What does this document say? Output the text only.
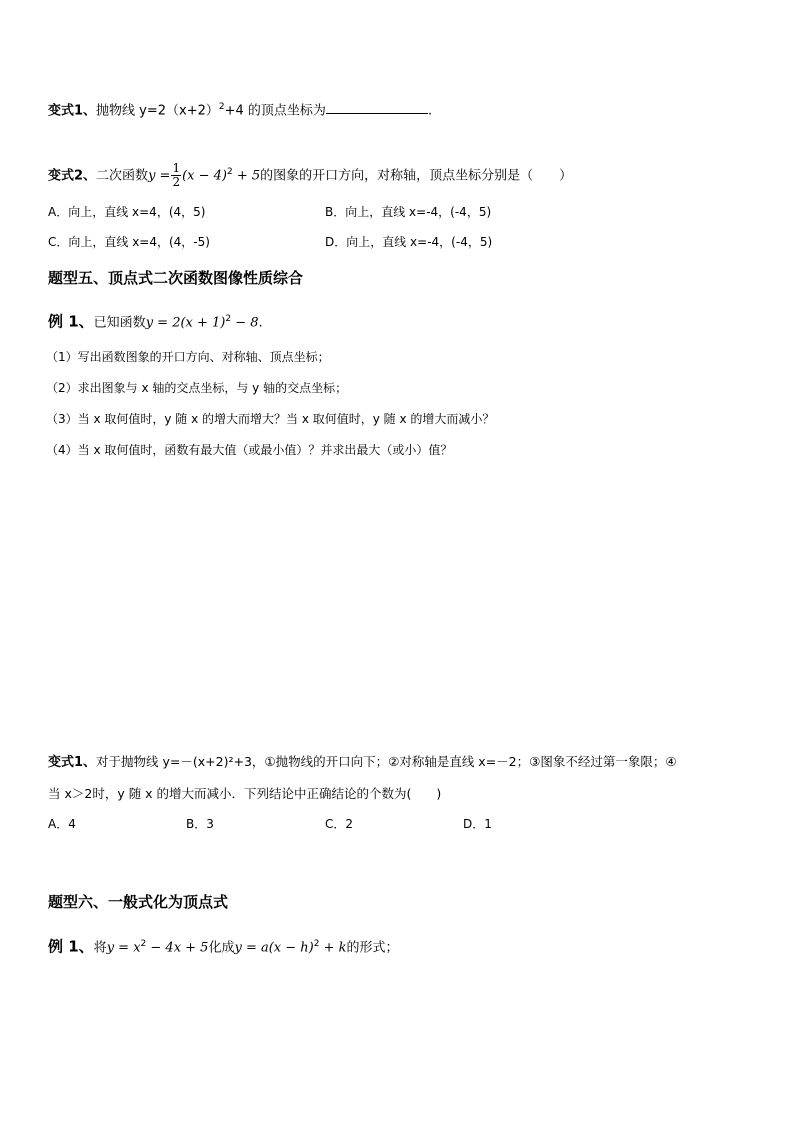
变式1、抛物线 $y=2(x+2)^2+4$ 的顶点坐标为	.
变式2、二次函数$y = \frac{1}{2} (x - 4)^2 + 5$的图象的开口方向，对称轴，顶点坐标分别是（　　）
A．向上，直线 x=4，(4，5)	B．向上，直线 x=-4，(-4，5)
C．向上，直线 x=4，(4，-5)	D．向上，直线 x=-4，(-4，5)
题型五、顶点式二次函数图像性质综合
例 1、已知函数$y = 2(x + 1)^2 - 8$.
（1）写出函数图象的开口方向、对称轴、顶点坐标；
（2）求出图象与 x 轴的交点坐标，与 y 轴的交点坐标；
（3）当 x 取何值时，y 随 x 的增大而增大？当 x 取何值时，y 随 x 的增大而减小？
（4）当 x 取何值时，函数有最大值（或最小值）？并求出最大（或小）值？
变式1、对于抛物线 y=－(x+2)²+3，①抛物线的开口向下；②对称轴是直线 x=－2；③图象不经过第一象限；④
当 x＞2时，y 随 x 的增大而减小．下列结论中正确结论的个数为(　　)
A．4	B．3	C．2	D．1
题型六、一般式化为顶点式
例 1、将$y = x^2 - 4x + 5$化成$y = a(x - h)^2 + k$的形式；
